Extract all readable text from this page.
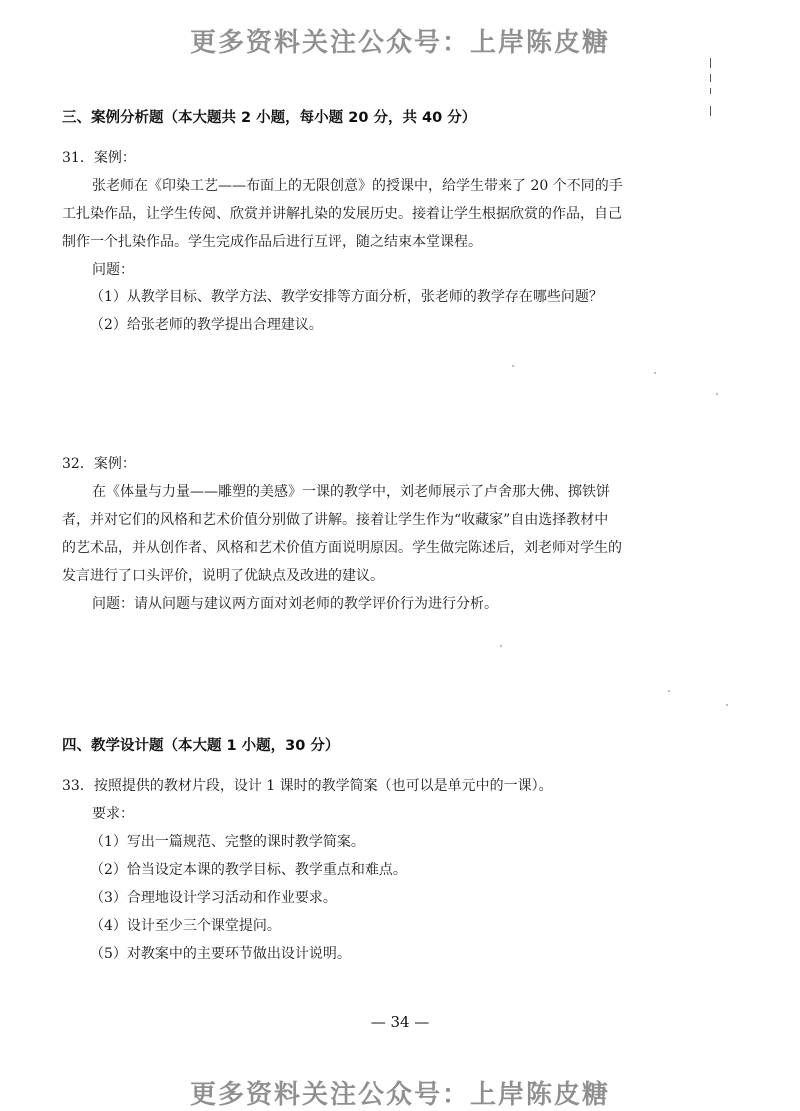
更多资料关注公众号：上岸陈皮糖
三、案例分析题（本大题共 2 小题，每小题 20 分，共 40 分）
31．案例：
张老师在《印染工艺——布面上的无限创意》的授课中，给学生带来了 20 个不同的手
工扎染作品，让学生传阅、欣赏并讲解扎染的发展历史。接着让学生根据欣赏的作品，自己
制作一个扎染作品。学生完成作品后进行互评，随之结束本堂课程。
问题：
（1）从教学目标、教学方法、教学安排等方面分析，张老师的教学存在哪些问题？
（2）给张老师的教学提出合理建议。
32．案例：
在《体量与力量——雕塑的美感》一课的教学中，刘老师展示了卢舍那大佛、掷铁饼
者，并对它们的风格和艺术价值分别做了讲解。接着让学生作为“收藏家”自由选择教材中
的艺术品，并从创作者、风格和艺术价值方面说明原因。学生做完陈述后，刘老师对学生的
发言进行了口头评价，说明了优缺点及改进的建议。
问题：请从问题与建议两方面对刘老师的教学评价行为进行分析。
四、教学设计题（本大题 1 小题，30 分）
33．按照提供的教材片段，设计 1 课时的教学简案（也可以是单元中的一课）。
要求：
（1）写出一篇规范、完整的课时教学简案。
（2）恰当设定本课的教学目标、教学重点和难点。
（3）合理地设计学习活动和作业要求。
（4）设计至少三个课堂提问。
（5）对教案中的主要环节做出设计说明。
— 34 —
更多资料关注公众号：上岸陈皮糖
